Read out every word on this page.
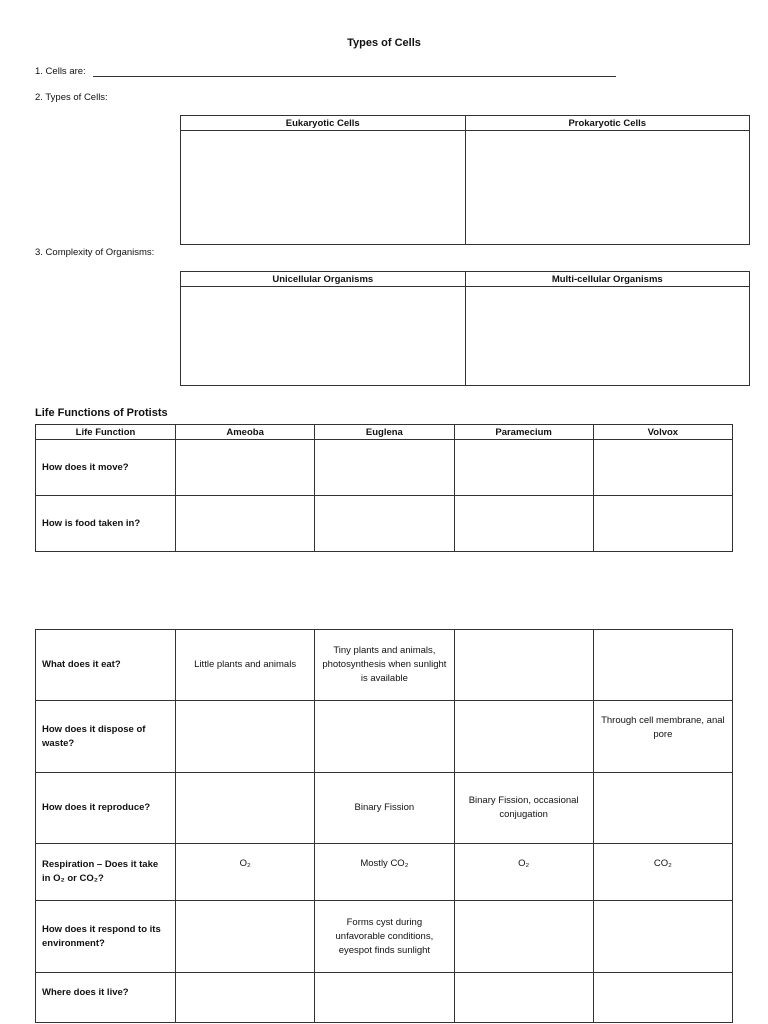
Types of Cells
1. Cells are:
2. Types of Cells:
Eukaryotic Cells	Prokaryotic Cells

3. Complexity of Organisms:
Unicellular Organisms	Multi-cellular Organisms

Life Functions of Protists
Life Function	Ameoba	Euglena	Paramecium	Volvox
How does it move?				
How is food taken in?				
What does it eat?	Little plants and animals	Tiny plants and animals, photosynthesis when sunlight is available		
How does it dispose of waste?				Through cell membrane, anal pore
How does it reproduce?		Binary Fission	Binary Fission, occasional conjugation	
Respiration – Does it take in O₂ or CO₂?	O₂	Mostly CO₂	O₂	CO₂
How does it respond to its environment?		Forms cyst during unfavorable conditions, eyespot finds sunlight		
Where does it live?				
